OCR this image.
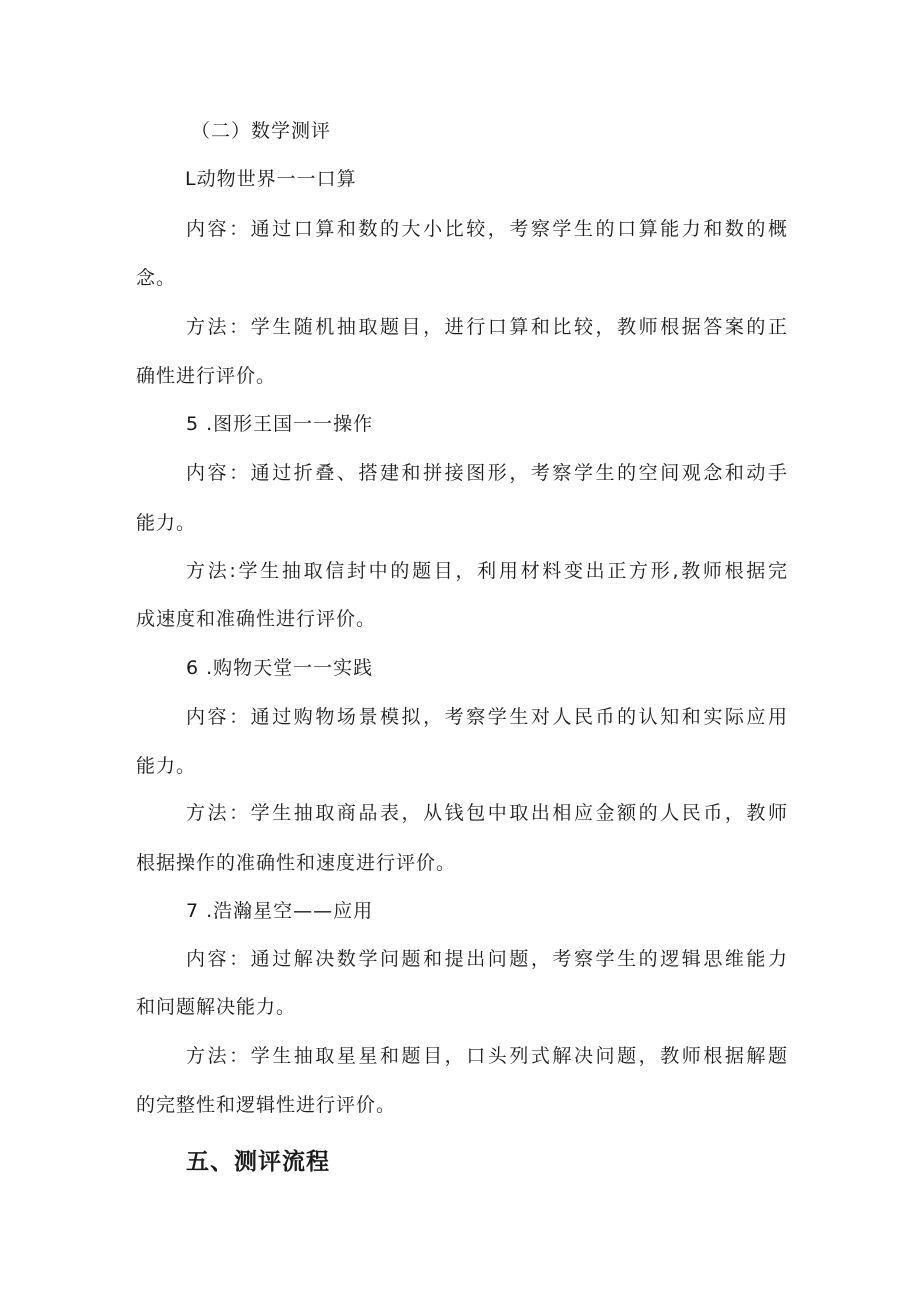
（二）数学测评
L动物世界一一口算
内容：通过口算和数的大小比较，考察学生的口算能力和数的概
念。
方法：学生随机抽取题目，进行口算和比较，教师根据答案的正
确性进行评价。
5 .图形王国一一操作
内容：通过折叠、搭建和拼接图形，考察学生的空间观念和动手
能力。
方法:学生抽取信封中的题目，利用材料变出正方形,教师根据完
成速度和准确性进行评价。
6 .购物天堂一一实践
内容：通过购物场景模拟，考察学生对人民币的认知和实际应用
能力。
方法：学生抽取商品表，从钱包中取出相应金额的人民币，教师
根据操作的准确性和速度进行评价。
7 .浩瀚星空——应用
内容：通过解决数学问题和提出问题，考察学生的逻辑思维能力
和问题解决能力。
方法：学生抽取星星和题目，口头列式解决问题，教师根据解题
的完整性和逻辑性进行评价。
五、测评流程
